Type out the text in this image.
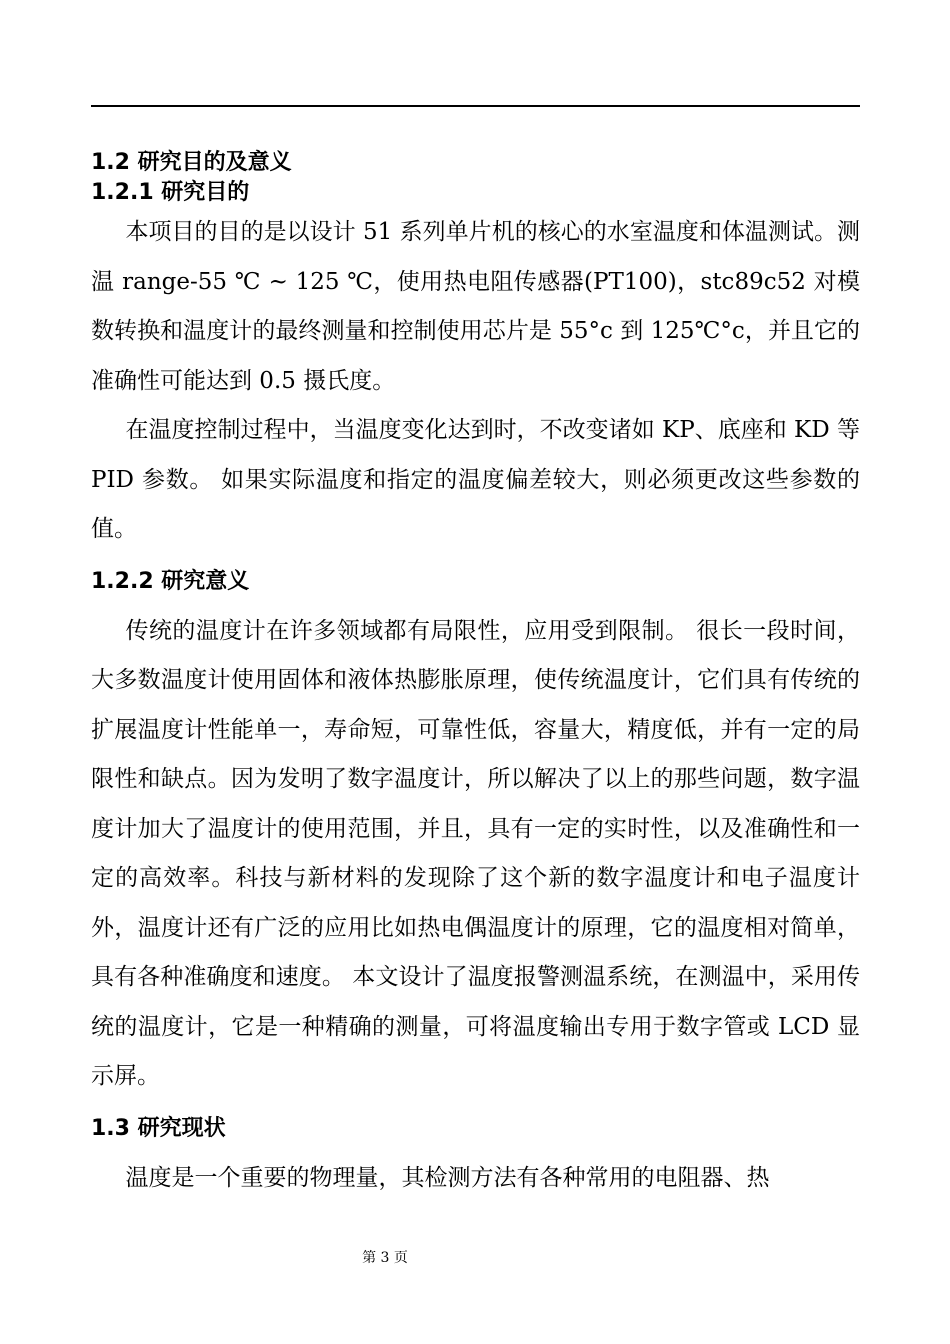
1.2 研究目的及意义
1.2.1 研究目的

本项目的目的是以设计 51 系列单片机的核心的水室温度和体温测试。测温 range-55 ℃ ~ 125 ℃，使用热电阻传感器(PT100)，stc89c52 对模数转换和温度计的最终测量和控制使用芯片是 55°c 到 125℃°c，并且它的准确性可能达到 0.5 摄氏度。

在温度控制过程中，当温度变化达到时，不改变诸如 KP、底座和 KD 等 PID 参数。 如果实际温度和指定的温度偏差较大，则必须更改这些参数的值。

1.2.2 研究意义

传统的温度计在许多领域都有局限性，应用受到限制。 很长一段时间，大多数温度计使用固体和液体热膨胀原理，使传统温度计，它们具有传统的扩展温度计性能单一，寿命短，可靠性低，容量大，精度低，并有一定的局限性和缺点。因为发明了数字温度计，所以解决了以上的那些问题，数字温度计加大了温度计的使用范围，并且，具有一定的实时性，以及准确性和一定的高效率。科技与新材料的发现除了这个新的数字温度计和电子温度计外，温度计还有广泛的应用比如热电偶温度计的原理，它的温度相对简单，具有各种准确度和速度。 本文设计了温度报警测温系统，在测温中，采用传统的温度计，它是一种精确的测量，可将温度输出专用于数字管或 LCD 显示屏。

1.3 研究现状

温度是一个重要的物理量，其检测方法有各种常用的电阻器、热

第 3 页
